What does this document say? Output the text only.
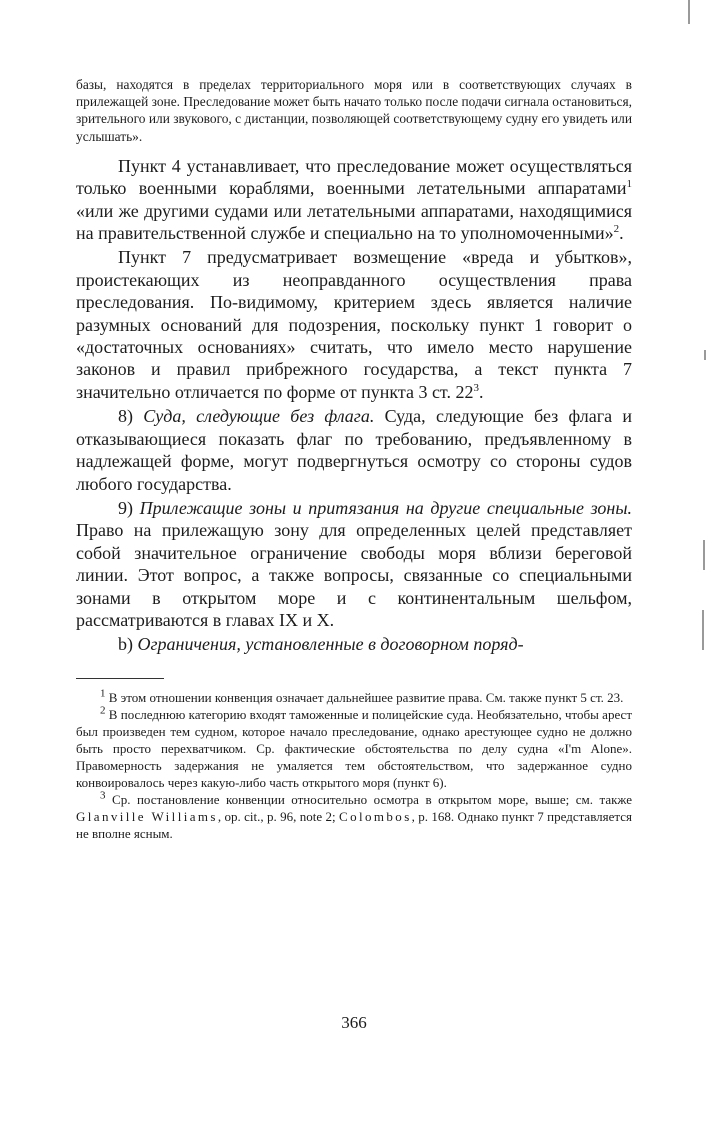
базы, находятся в пределах территориального моря или в соответствующих случаях в прилежащей зоне. Преследование может быть начато только после подачи сигнала остановиться, зрительного или звукового, с дистанции, позволяющей соответствующему судну его увидеть или услышать».

Пункт 4 устанавливает, что преследование может осуществляться только военными кораблями, военными летательными аппаратами$^1$ «или же другими судами или летательными аппаратами, находящимися на правительственной службе и специально на то уполномоченными»$^2$.

Пункт 7 предусматривает возмещение «вреда и убытков», проистекающих из неоправданного осуществления права преследования. По-видимому, критерием здесь является наличие разумных оснований для подозрения, поскольку пункт 1 говорит о «достаточных основаниях» считать, что имело место нарушение законов и правил прибрежного государства, а текст пункта 7 значительно отличается по форме от пункта 3 ст. 22$^3$.

8) Суда, следующие без флага. Суда, следующие без флага и отказывающиеся показать флаг по требованию, предъявленному в надлежащей форме, могут подвергнуться осмотру со стороны судов любого государства.

9) Прилежащие зоны и притязания на другие специальные зоны. Право на прилежащую зону для определенных целей представляет собой значительное ограничение свободы моря вблизи береговой линии. Этот вопрос, а также вопросы, связанные со специальными зонами в открытом море и с континентальным шельфом, рассматриваются в главах IX и X.

b) Ограничения, установленные в договорном поряд-

$^1$ В этом отношении конвенция означает дальнейшее развитие права. См. также пункт 5 ст. 23.

$^2$ В последнюю категорию входят таможенные и полицейские суда. Необязательно, чтобы арест был произведен тем судном, которое начало преследование, однако арестующее судно не должно быть просто перехватчиком. Ср. фактические обстоятельства по делу судна «I'm Alone». Правомерность задержания не умаляется тем обстоятельством, что задержанное судно конвоировалось через какую-либо часть открытого моря (пункт 6).

$^3$ Ср. постановление конвенции относительно осмотра в открытом море, выше; см. также Glanville Williams, op. cit., p. 96, note 2; Colombos, p. 168. Однако пункт 7 представляется не вполне ясным.

366
